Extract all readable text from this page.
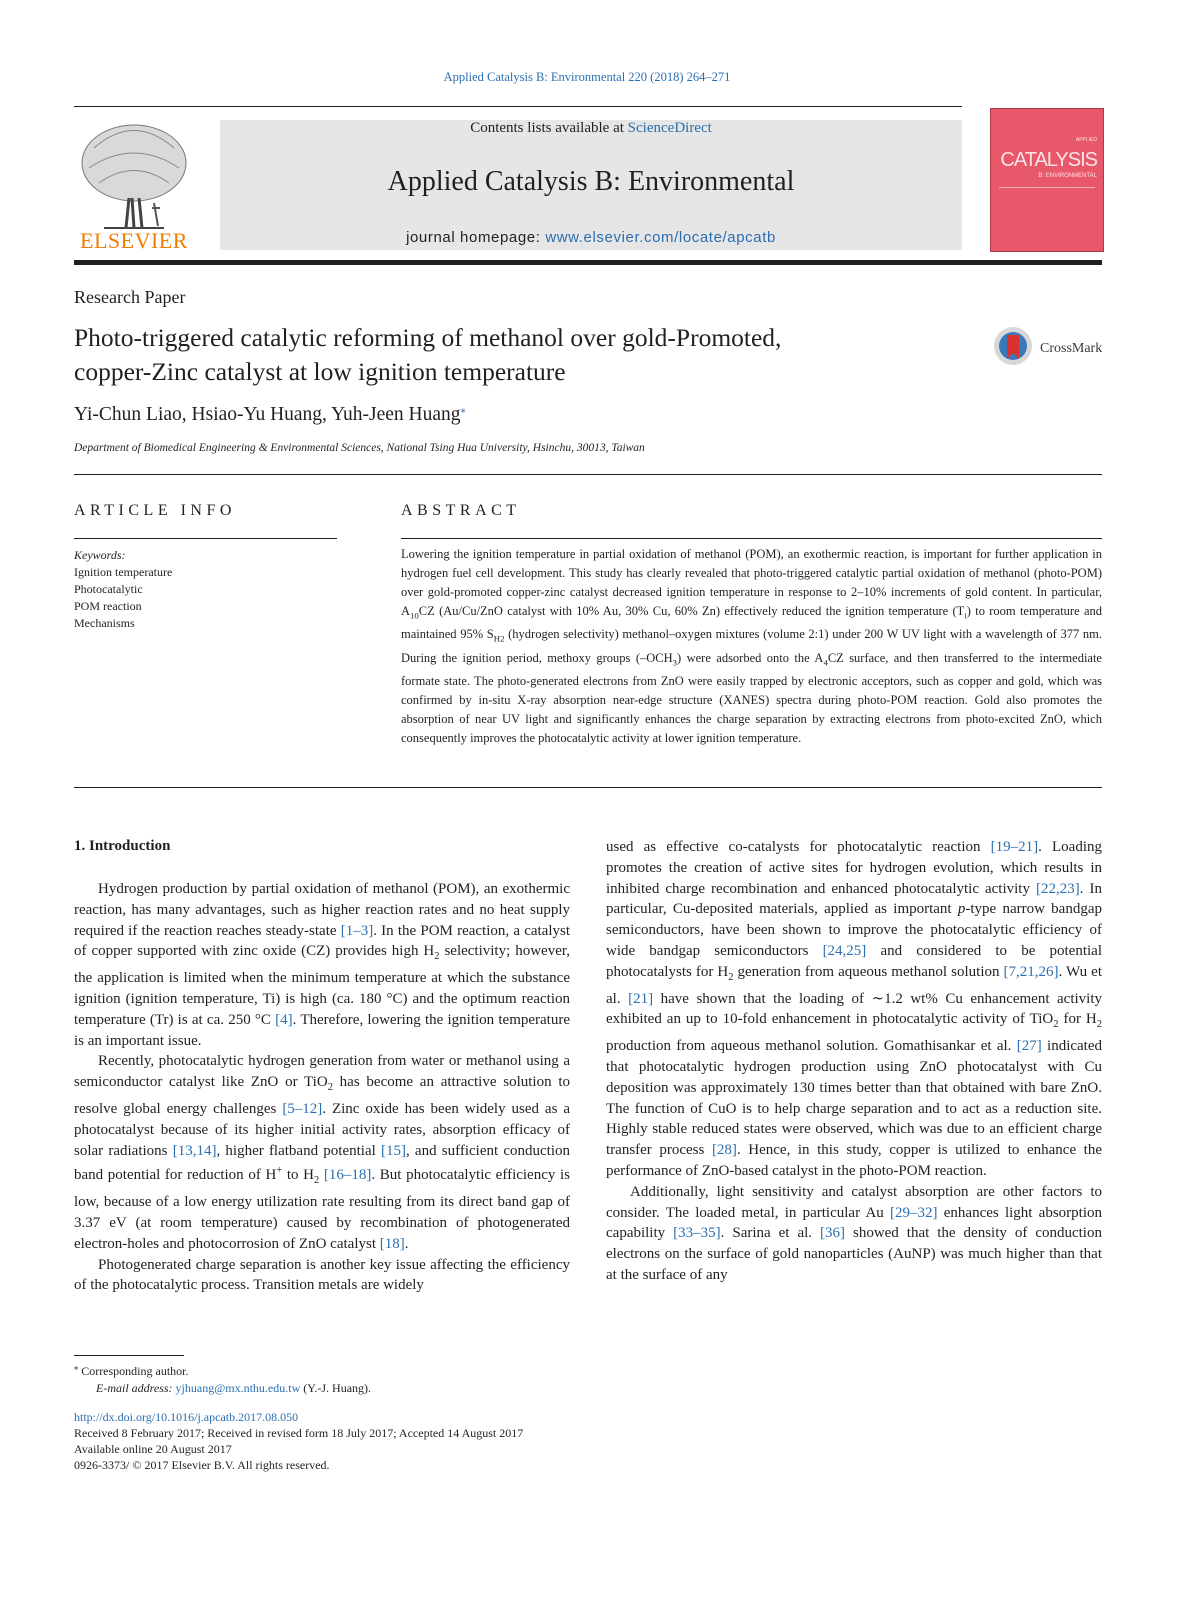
Applied Catalysis B: Environmental 220 (2018) 264–271
ELSEVIER
Contents lists available at ScienceDirect
Applied Catalysis B: Environmental
journal homepage: www.elsevier.com/locate/apcatb
APPLIED
CATALYSIS
B: ENVIRONMENTAL
Research Paper
Photo-triggered catalytic reforming of methanol over gold-Promoted,
copper-Zinc catalyst at low ignition temperature
CrossMark
Yi-Chun Liao, Hsiao-Yu Huang, Yuh-Jeen Huang⁎
Department of Biomedical Engineering & Environmental Sciences, National Tsing Hua University, Hsinchu, 30013, Taiwan
ARTICLE INFO
Keywords:
Ignition temperature
Photocatalytic
POM reaction
Mechanisms
ABSTRACT

Lowering the ignition temperature in partial oxidation of methanol (POM), an exothermic reaction, is important for further application in hydrogen fuel cell development. This study has clearly revealed that photo-triggered catalytic partial oxidation of methanol (photo-POM) over gold-promoted copper-zinc catalyst decreased ignition temperature in response to 2–10% increments of gold content. In particular, $A_{10}CZ$ (Au/Cu/ZnO catalyst with 10% Au, 30% Cu, 60% Zn) effectively reduced the ignition temperature $(T_i)$ to room temperature and maintained 95% $S_{H2}$ (hydrogen selectivity) methanol–oxygen mixtures (volume 2:1) under 200 W UV light with a wavelength of 377 nm. During the ignition period, methoxy groups $(-OCH_3)$ were adsorbed onto the $A_4CZ$ surface, and then transferred to the intermediate formate state. The photo-generated electrons from ZnO were easily trapped by electronic acceptors, such as copper and gold, which was confirmed by in-situ X-ray absorption near-edge structure (XANES) spectra during photo-POM reaction. Gold also promotes the absorption of near UV light and significantly enhances the charge separation by extracting electrons from photo-excited ZnO, which consequently improves the photocatalytic activity at lower ignition temperature.

1. Introduction

Hydrogen production by partial oxidation of methanol (POM), an exothermic reaction, has many advantages, such as higher reaction rates and no heat supply required if the reaction reaches steady-state [1–3]. In the POM reaction, a catalyst of copper supported with zinc oxide (CZ) provides high $H_2$ selectivity; however, the application is limited when the minimum temperature at which the substance ignition (ignition temperature, Ti) is high (ca. 180 °C) and the optimum reaction temperature (Tr) is at ca. 250 °C [4]. Therefore, lowering the ignition temperature is an important issue.

Recently, photocatalytic hydrogen generation from water or methanol using a semiconductor catalyst like ZnO or TiO$_2$ has become an attractive solution to resolve global energy challenges [5–12]. Zinc oxide has been widely used as a photocatalyst because of its higher initial activity rates, absorption efficacy of solar radiations [13,14], higher flatband potential [15], and sufficient conduction band potential for reduction of H+ to $H_2$ [16–18]. But photocatalytic efficiency is low, because of a low energy utilization rate resulting from its direct band gap of 3.37 eV (at room temperature) caused by recombination of photogenerated electron-holes and photocorrosion of ZnO catalyst [18].

Photogenerated charge separation is another key issue affecting the efficiency of the photocatalytic process. Transition metals are widely

used as effective co-catalysts for photocatalytic reaction [19–21]. Loading promotes the creation of active sites for hydrogen evolution, which results in inhibited charge recombination and enhanced photocatalytic activity [22,23]. In particular, Cu-deposited materials, applied as important p-type narrow bandgap semiconductors, have been shown to improve the photocatalytic efficiency of wide bandgap semiconductors [24,25] and considered to be potential photocatalysts for $H_2$ generation from aqueous methanol solution [7,21,26]. Wu et al. [21] have shown that the loading of ∼1.2 wt% Cu enhancement activity exhibited an up to 10-fold enhancement in photocatalytic activity of TiO$_2$ for $H_2$ production from aqueous methanol solution. Gomathisankar et al. [27] indicated that photocatalytic hydrogen production using ZnO photocatalyst with Cu deposition was approximately 130 times better than that obtained with bare ZnO. The function of CuO is to help charge separation and to act as a reduction site. Highly stable reduced states were observed, which was due to an efficient charge transfer process [28]. Hence, in this study, copper is utilized to enhance the performance of ZnO-based catalyst in the photo-POM reaction.

Additionally, light sensitivity and catalyst absorption are other factors to consider. The loaded metal, in particular Au [29–32] enhances light absorption capability [33–35]. Sarina et al. [36] showed that the density of conduction electrons on the surface of gold nanoparticles (AuNP) was much higher than that at the surface of any

⁎ Corresponding author.
E-mail address: yjhuang@mx.nthu.edu.tw (Y.-J. Huang).
http://dx.doi.org/10.1016/j.apcatb.2017.08.050
Received 8 February 2017; Received in revised form 18 July 2017; Accepted 14 August 2017
Available online 20 August 2017
0926-3373/ © 2017 Elsevier B.V. All rights reserved.
